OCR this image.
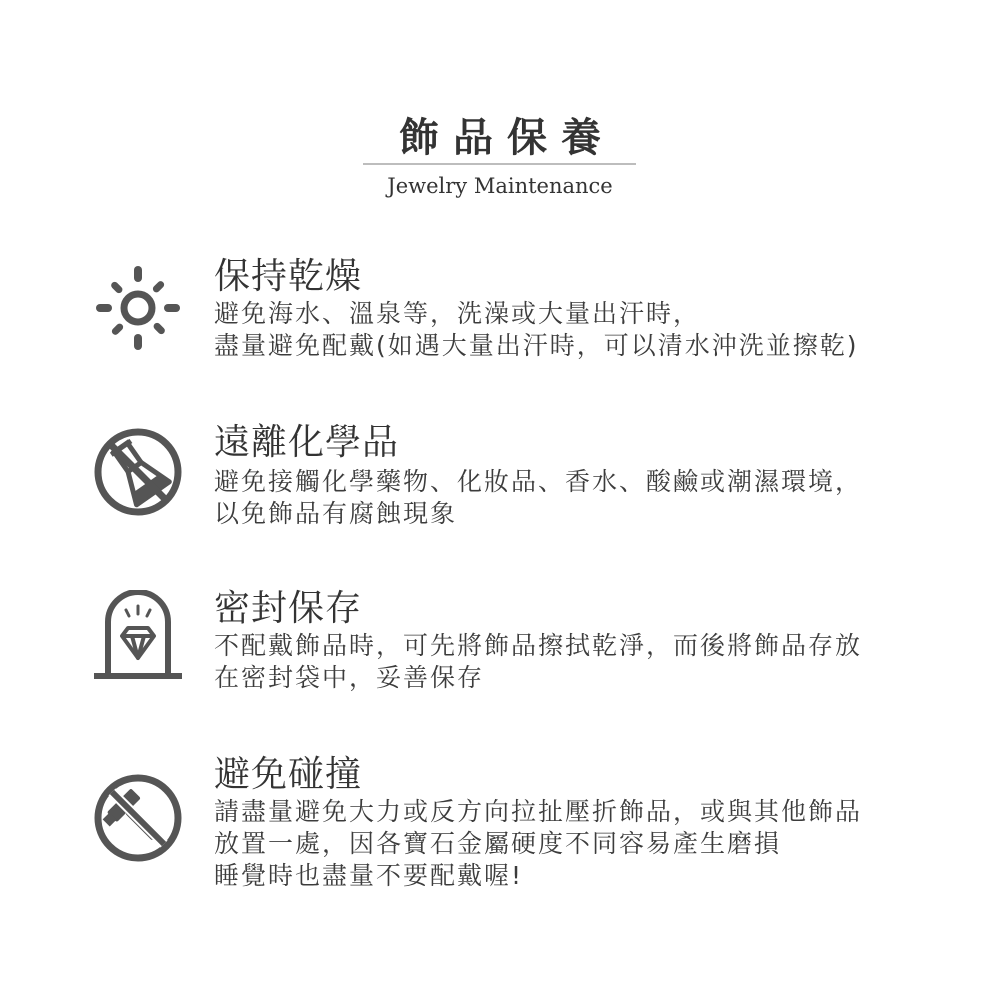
飾品保養
Jewelry Maintenance
保持乾燥
避免海水、溫泉等，洗澡或大量出汗時，
盡量避免配戴(如遇大量出汗時，可以清水沖洗並擦乾)
遠離化學品
避免接觸化學藥物、化妝品、香水、酸鹼或潮濕環境，
以免飾品有腐蝕現象
密封保存
不配戴飾品時，可先將飾品擦拭乾淨，而後將飾品存放
在密封袋中，妥善保存
避免碰撞
請盡量避免大力或反方向拉扯壓折飾品，或與其他飾品
放置一處，因各寶石金屬硬度不同容易產生磨損
睡覺時也盡量不要配戴喔!
